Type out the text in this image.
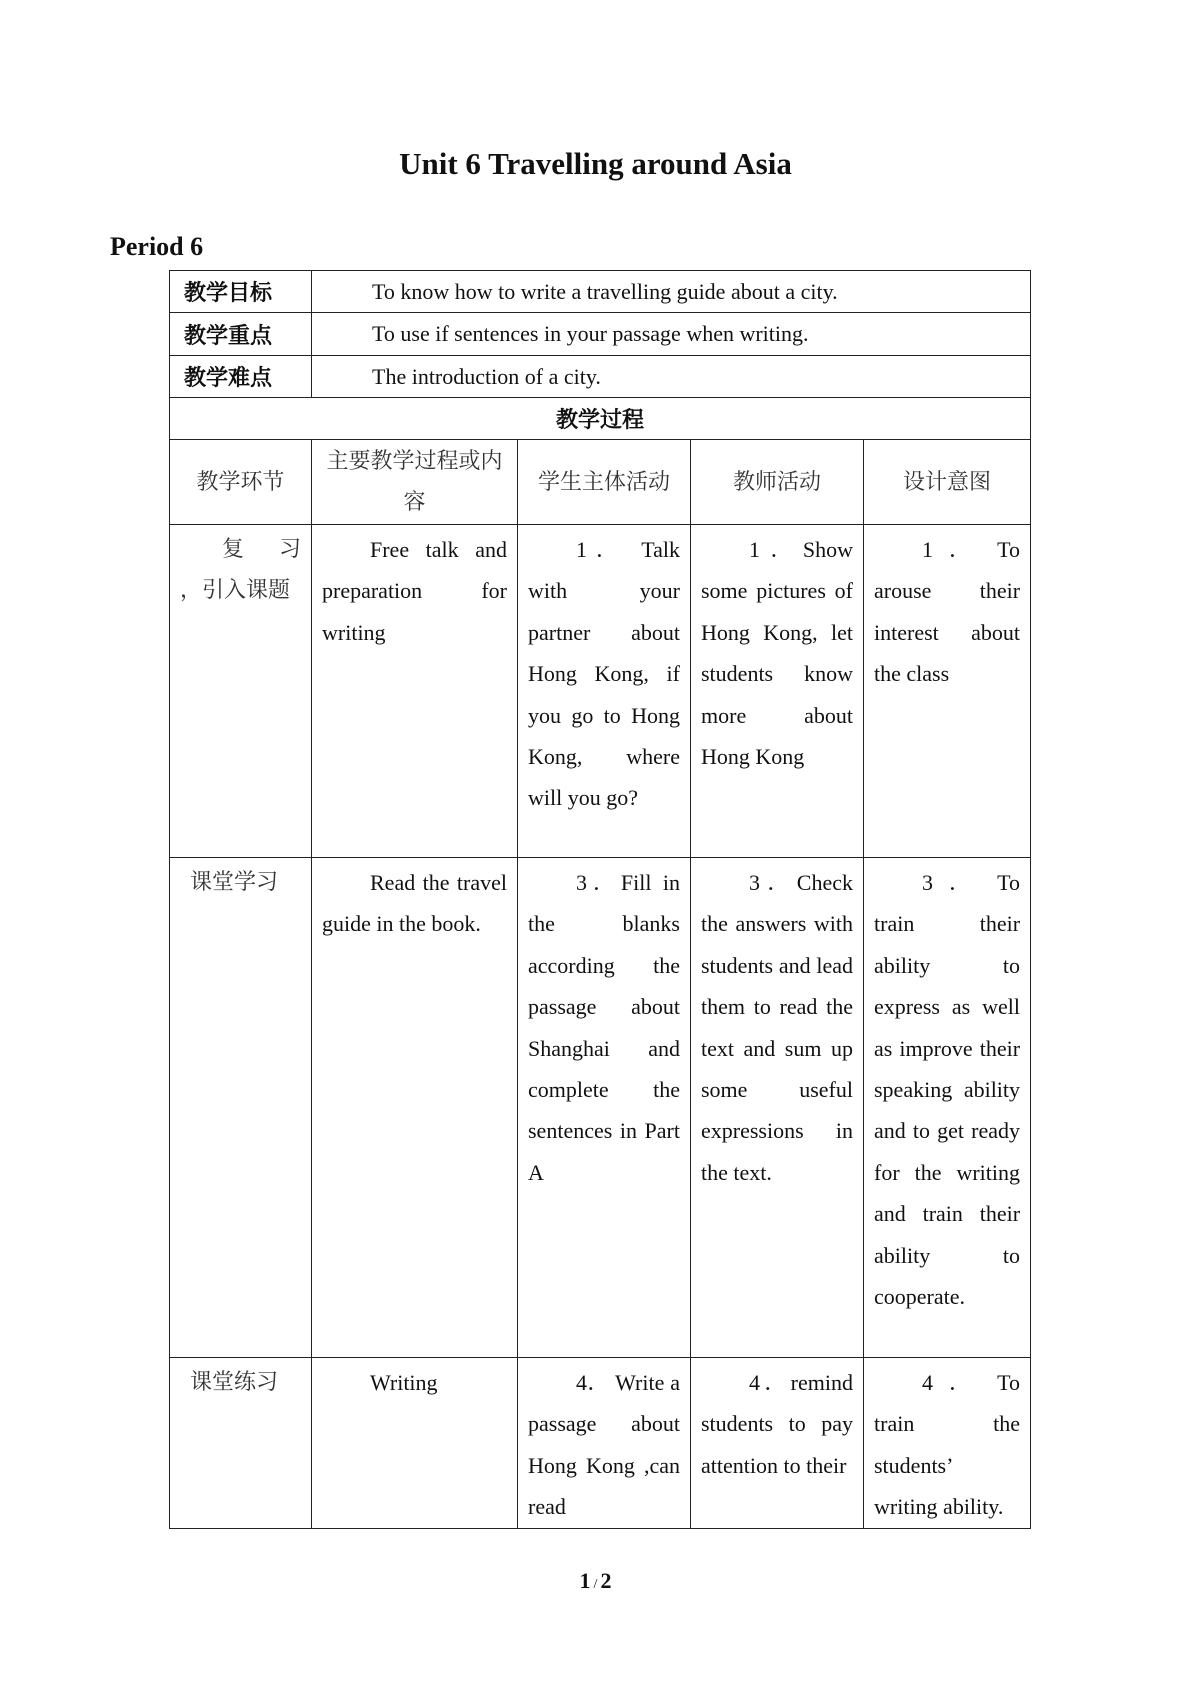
Unit 6 Travelling around Asia
Period 6
教学目标	To know how to write a travelling guide about a city.			
教学重点	To use if sentences in your passage when writing.			
教学难点	The introduction of a city.			
教学过程				
教学环节	主要教学过程或内容	学生主体活动	教师活动	设计意图
复 习 ，引入课题	Free talk and preparation for writing	1． Talk with your partner about Hong Kong, if you go to Hong Kong, where will you go?	1．Show some pictures of Hong Kong, let students know more about Hong Kong	1 ． To arouse their interest about the class
课堂学习	Read the travel guide in the book.	3．Fill in the blanks according the passage about Shanghai and complete the sentences in Part A	3．Check the answers with students and lead them to read the text and sum up some useful expressions in the text.	3 ． To train their ability to express as well as improve their speaking ability and to get ready for the writing and train their ability to cooperate.
课堂练习	Writing	4． Write a passage about Hong Kong ,can read	4．remind students to pay attention to their	4 ． To train the students’ writing ability.
1 / 2
